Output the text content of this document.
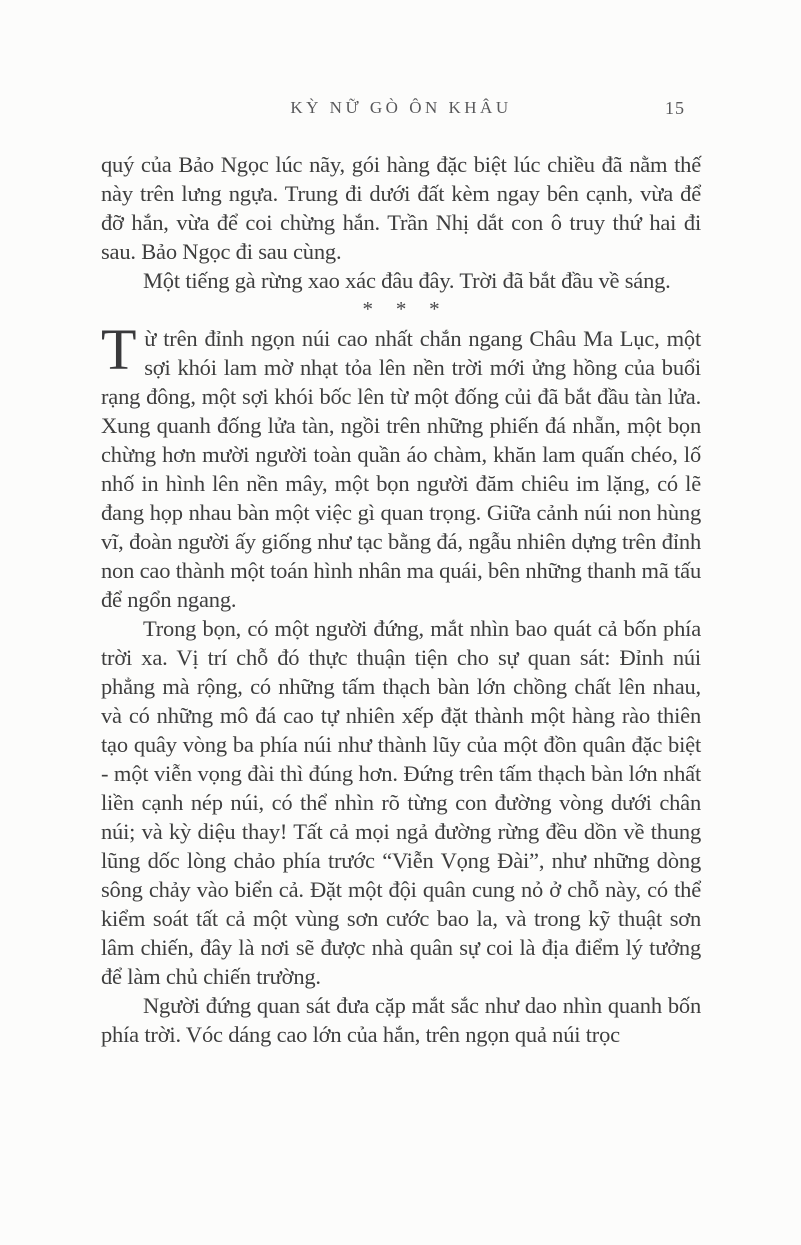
KỲ NỮ GÒ ÔN KHÂU	15

quý của Bảo Ngọc lúc nãy, gói hàng đặc biệt lúc chiều đã nằm thế này trên lưng ngựa. Trung đi dưới đất kèm ngay bên cạnh, vừa để đỡ hắn, vừa để coi chừng hắn. Trần Nhị dắt con ô truy thứ hai đi sau. Bảo Ngọc đi sau cùng.

Một tiếng gà rừng xao xác đâu đây. Trời đã bắt đầu về sáng.

* * *

Từ trên đỉnh ngọn núi cao nhất chắn ngang Châu Ma Lục, một sợi khói lam mờ nhạt tỏa lên nền trời mới ửng hồng của buổi rạng đông, một sợi khói bốc lên từ một đống củi đã bắt đầu tàn lửa. Xung quanh đống lửa tàn, ngồi trên những phiến đá nhẵn, một bọn chừng hơn mười người toàn quần áo chàm, khăn lam quấn chéo, lố nhố in hình lên nền mây, một bọn người đăm chiêu im lặng, có lẽ đang họp nhau bàn một việc gì quan trọng. Giữa cảnh núi non hùng vĩ, đoàn người ấy giống như tạc bằng đá, ngẫu nhiên dựng trên đỉnh non cao thành một toán hình nhân ma quái, bên những thanh mã tấu để ngổn ngang.

Trong bọn, có một người đứng, mắt nhìn bao quát cả bốn phía trời xa. Vị trí chỗ đó thực thuận tiện cho sự quan sát: Đỉnh núi phẳng mà rộng, có những tấm thạch bàn lớn chồng chất lên nhau, và có những mô đá cao tự nhiên xếp đặt thành một hàng rào thiên tạo quây vòng ba phía núi như thành lũy của một đồn quân đặc biệt - một viễn vọng đài thì đúng hơn. Đứng trên tấm thạch bàn lớn nhất liền cạnh nép núi, có thể nhìn rõ từng con đường vòng dưới chân núi; và kỳ diệu thay! Tất cả mọi ngả đường rừng đều dồn về thung lũng dốc lòng chảo phía trước “Viễn Vọng Đài”, như những dòng sông chảy vào biển cả. Đặt một đội quân cung nỏ ở chỗ này, có thể kiểm soát tất cả một vùng sơn cước bao la, và trong kỹ thuật sơn lâm chiến, đây là nơi sẽ được nhà quân sự coi là địa điểm lý tưởng để làm chủ chiến trường.

Người đứng quan sát đưa cặp mắt sắc như dao nhìn quanh bốn phía trời. Vóc dáng cao lớn của hắn, trên ngọn quả núi trọc
